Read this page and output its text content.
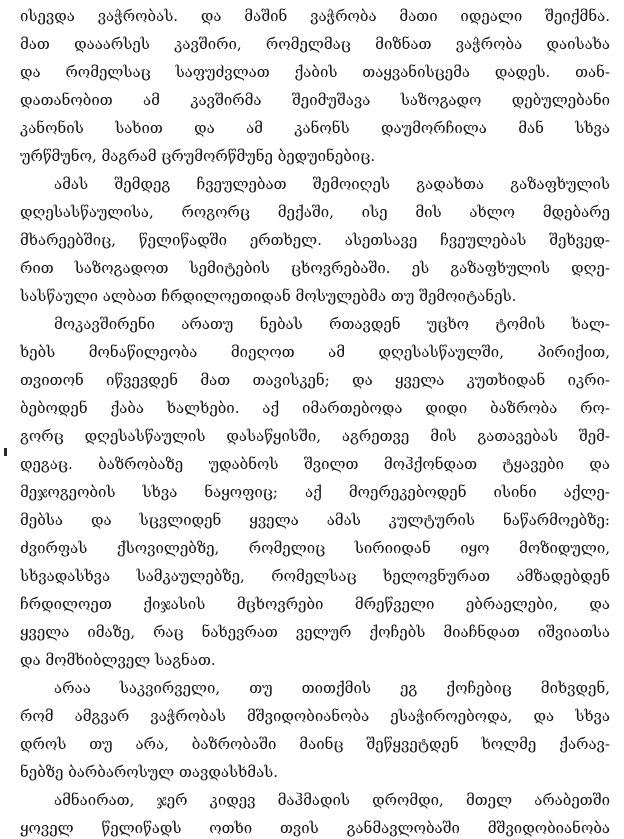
ისევდა ვაჭრობას. და მაშინ ვაჭრობა მათი იდეალი შეიქმნა.
მათ დააარსეს კავშირი, რომელმაც მიზნათ ვაჭრობა დაისახა
და რომელსაც საფუძვლათ ქაბის თაყვანისცემა დადეს. თან-
დათანობით ამ კავშირმა შეიმუშავა საზოგადო დებულებანი
კანონის სახით და ამ კანონს დაუმორჩილა მან სხვა
ურწმუნო, მაგრამ ცრუმორწმუნე ბედუინებიც.
ამას შემდეგ ჩვეულებათ შემოიღეს გადახთა გაზაფხულის
დღესასწაულისა, როგორც მექაში, ისე მის ახლო მდებარე
მხარეებშიც, წელიწადში ერთხელ. ასეთსავე ჩვეულებას შეხვედ-
რით საზოგადოთ სემიტების ცხოვრებაში. ეს გაზაფხულის დღე-
სასწაული ალბათ ჩრდილოეთიდან მოსულებმა თუ შემოიტანეს.
მოკავშირენი არათუ ნებას რთავდენ უცხო ტომის ხალ-
ხებს მონაწილეობა მიეღოთ ამ დღესასწაულში, პირიქით,
თვითონ იწვევდენ მათ თავისკენ; და ყველა კუთხიდან იკრი-
ბებოდენ ქაბა ხალხები. აქ იმართებოდა დიდი ბაზრობა რო-
გორც დღესასწაულის დასაწყისში, აგრეთვე მის გათავებას შემ-
დეგაც. ბაზრობაზე უდაბნოს შვილთ მოჰქონდათ ტყავები და
მეჯოგეობის სხვა ნაყოფიც; აქ მოერეკებოდენ ისინი აქლე-
მებსა და სცვლიდენ ყველა ამას კულტურის ნაწარმოებზე:
ძვირფას ქსოვილებზე, რომელიც სირიიდან იყო მოზიდული,
სხვადასხვა სამკაულებზე, რომელსაც ხელოვნურათ ამზადებდენ
ჩრდილოეთ ქიჯასის მცხოვრები მრეწველი ებრაელები, და
ყველა იმაზე, რაც ნახევრათ ველურ ქოჩებს მიაჩნდათ იშვიათსა
და მომხიბლველ საგნათ.
არაა საკვირველი, თუ თითქმის ეგ ქოჩებიც მიხვდენ,
რომ ამგვარ ვაჭრობას მშვიდობიანობა ესაჭიროებოდა, და სხვა
დროს თუ არა, ბაზრობაში მაინც შეწყვეტდენ ხოლმე ქარავ-
ნებზე ბარბაროსულ თავდასხმას.
ამნაირათ, ჯერ კიდევ მაჰმადის დრომდი, მთელ არაბეთში
ყოველ წელიწადს ოთხი თვის განმავლობაში მშვიდობიანობა
